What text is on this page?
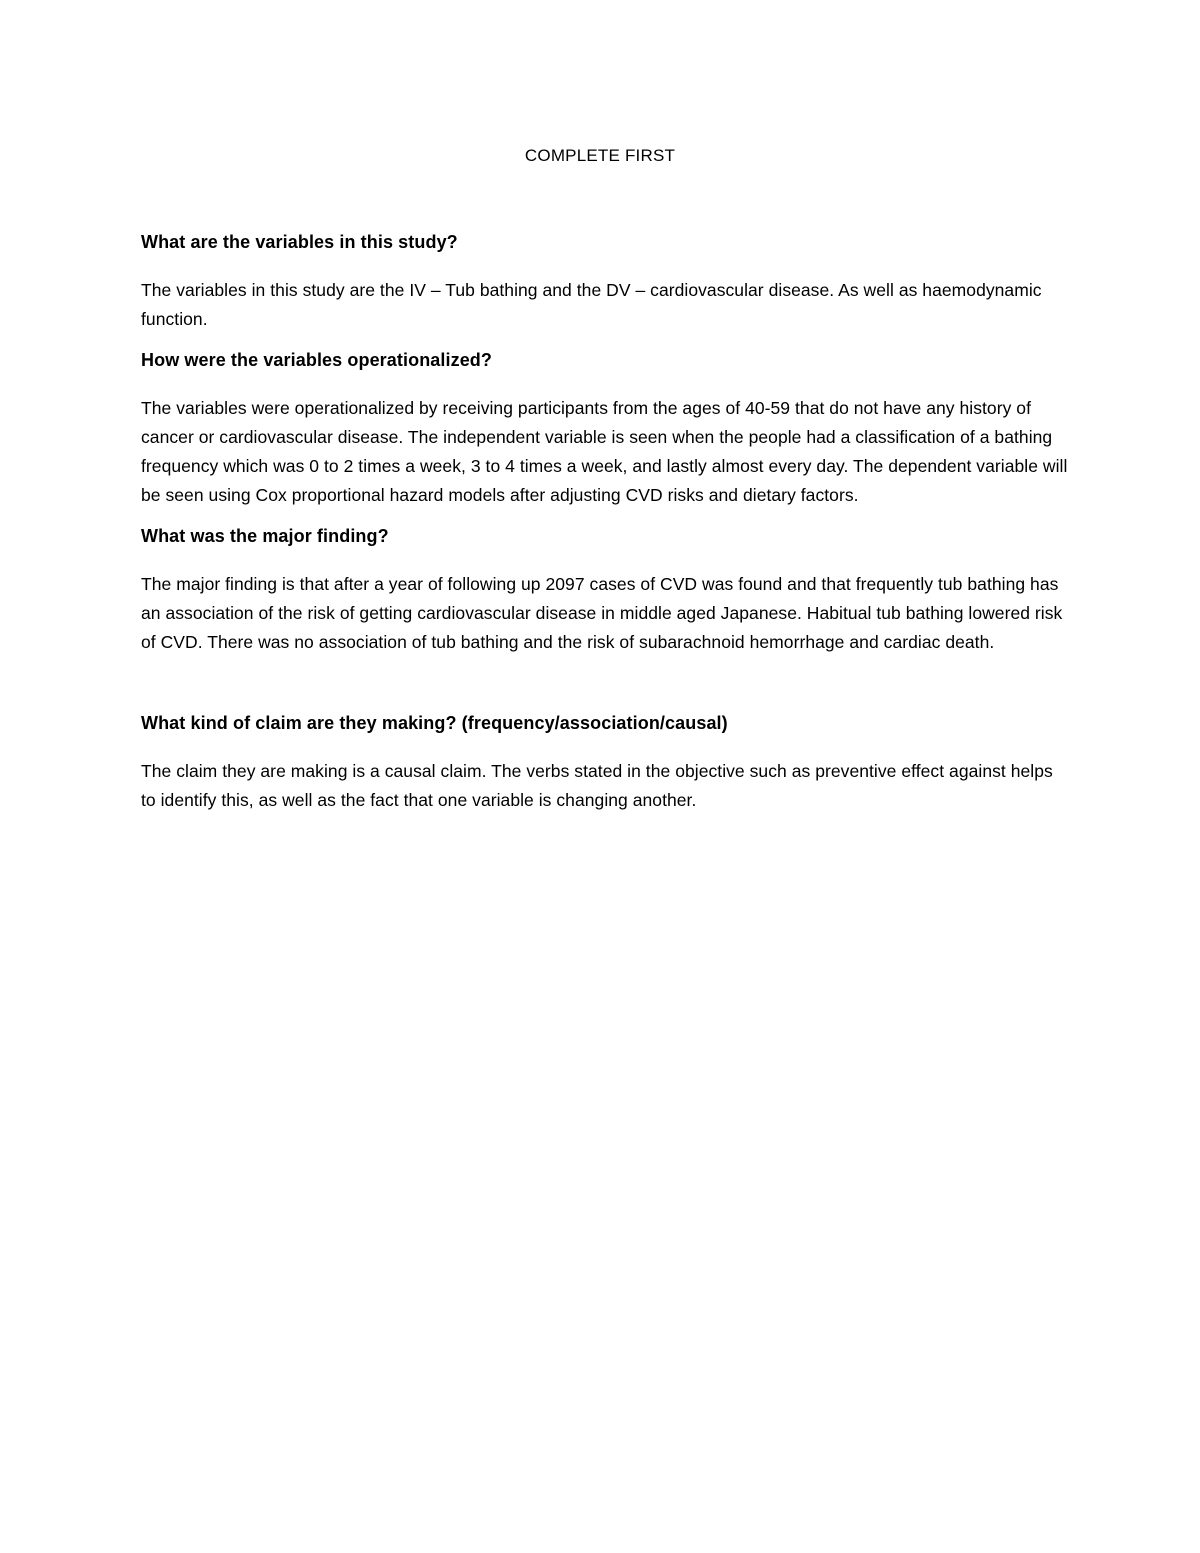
COMPLETE FIRST
What are the variables in this study?
The variables in this study are the IV – Tub bathing and the DV – cardiovascular disease. As well as haemodynamic function.
How were the variables operationalized?
The variables were operationalized by receiving participants from the ages of 40-59 that do not have any history of cancer or cardiovascular disease. The independent variable is seen when the people had a classification of a bathing frequency which was 0 to 2 times a week, 3 to 4 times a week, and lastly almost every day. The dependent variable will be seen using Cox proportional hazard models after adjusting CVD risks and dietary factors.
What was the major finding?
The major finding is that after a year of following up 2097 cases of CVD was found and that frequently tub bathing has an association of the risk of getting cardiovascular disease in middle aged Japanese. Habitual tub bathing lowered risk of CVD. There was no association of tub bathing and the risk of subarachnoid hemorrhage and cardiac death.
What kind of claim are they making? (frequency/association/causal)
The claim they are making is a causal claim. The verbs stated in the objective such as preventive effect against helps to identify this, as well as the fact that one variable is changing another.
